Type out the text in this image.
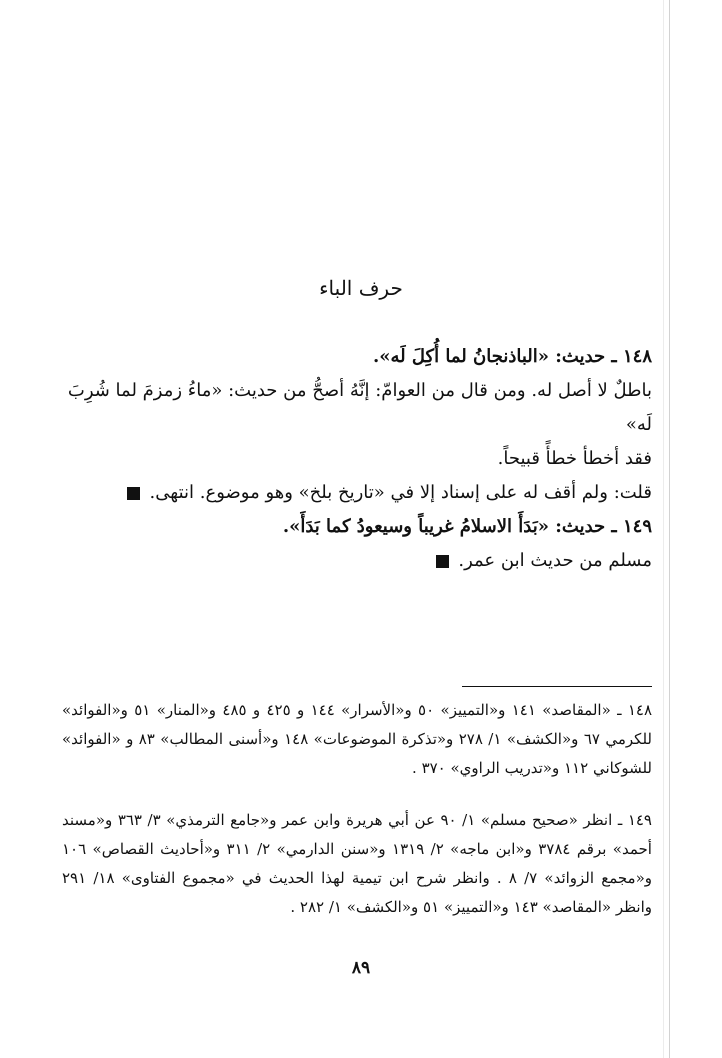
حرف الباء
١٤٨ ـ حديث: «الباذنجانُ لما أُكِلَ لَه».
باطلٌ لا أصل له. ومن قال من العوامّ: إنَّهُ أصحُّ من حديث: «ماءُ زمزمَ لما شُرِبَ لَه»
فقد أخطأ خطأً قبيحاً.
قلت: ولم أقف له على إسناد إلا في «تاريخ بلخ» وهو موضوع. انتهى.
١٤٩ ـ حديث: «بَدَأَ الاسلامُ غريباً وسيعودُ كما بَدَأَ».
مسلم من حديث ابن عمر.
١٤٨ ـ «المقاصد» ١٤١ و«التمييز» ٥٠ و«الأسرار» ١٤٤ و ٤٢٥ و ٤٨٥ و«المنار» ٥١ و«الفوائد» للكرمي ٦٧ و«الكشف» ١/ ٢٧٨ و«تذكرة الموضوعات» ١٤٨ و«أسنى المطالب» ٨٣ و «الفوائد» للشوكاني ١١٢ و«تدريب الراوي» ٣٧٠ .
١٤٩ ـ انظر «صحيح مسلم» ١/ ٩٠ عن أبي هريرة وابن عمر و«جامع الترمذي» ٣/ ٣٦٣ و«مسند أحمد» برقم ٣٧٨٤ و«ابن ماجه» ٢/ ١٣١٩ و«سنن الدارمي» ٢/ ٣١١ و«أحاديث القصاص» ١٠٦ و«مجمع الزوائد» ٧/ ٨ . وانظر شرح ابن تيمية لهذا الحديث في «مجموع الفتاوى» ١٨/ ٢٩١ وانظر «المقاصد» ١٤٣ و«التمييز» ٥١ و«الكشف» ١/ ٢٨٢ .
٨٩
